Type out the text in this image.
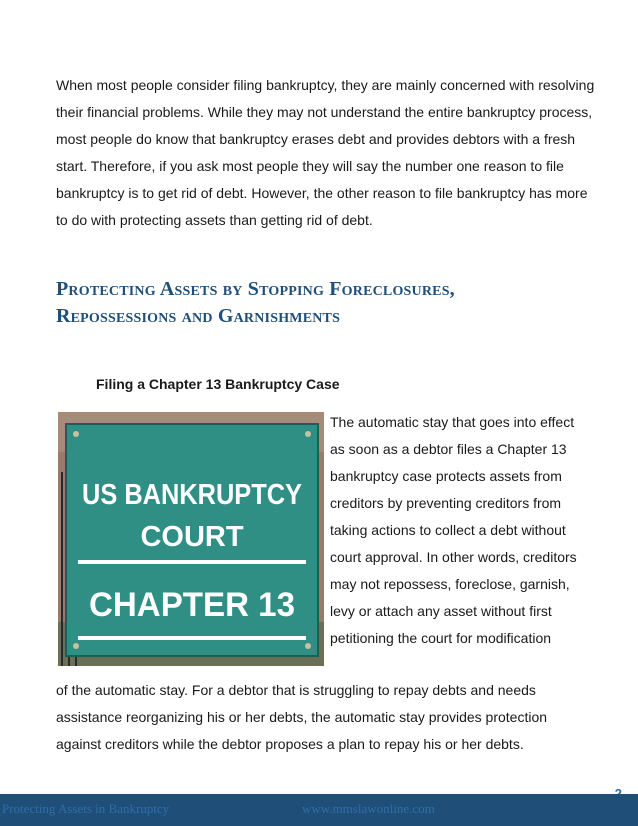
When most people consider filing bankruptcy, they are mainly concerned with resolving their financial problems. While they may not understand the entire bankruptcy process, most people do know that bankruptcy erases debt and provides debtors with a fresh start. Therefore, if you ask most people they will say the number one reason to file bankruptcy is to get rid of debt. However, the other reason to file bankruptcy has more to do with protecting assets than getting rid of debt.

Protecting Assets by Stopping Foreclosures, Repossessions and Garnishments
Filing a Chapter 13 Bankruptcy Case
US BANKRUPTCY
COURT
CHAPTER 13

The automatic stay that goes into effect as soon as a debtor files a Chapter 13 bankruptcy case protects assets from creditors by preventing creditors from taking actions to collect a debt without court approval. In other words, creditors may not repossess, foreclose, garnish, levy or attach any asset without first petitioning the court for modification

of the automatic stay. For a debtor that is struggling to repay debts and needs assistance reorganizing his or her debts, the automatic stay provides protection against creditors while the debtor proposes a plan to repay his or her debts.

Protecting Assets in Bankruptcy	www.mmslawonline.com
